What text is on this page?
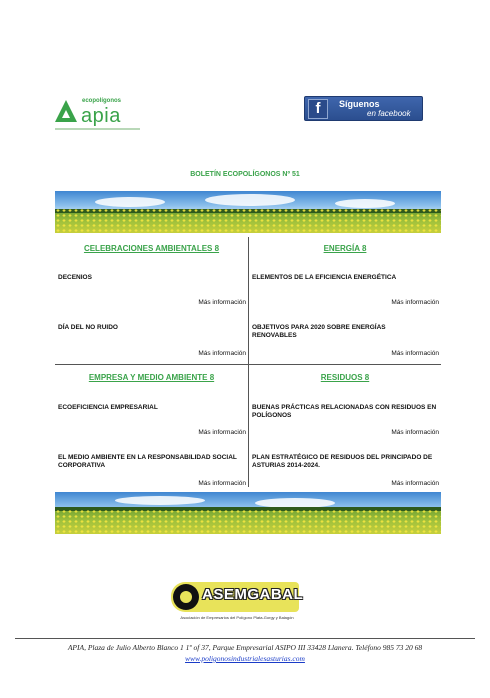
ecopolígonos
apia	f	Síguenos
en facebook
BOLETÍN ECOPOLÍGONOS Nº 51
CELEBRACIONES AMBIENTALES 8
DECENIOS
Más información
DÍA DEL NO RUIDO
Más información
ENERGÍA 8
ELEMENTOS DE LA EFICIENCIA ENERGÉTICA
Más información
OBJETIVOS PARA 2020 SOBRE ENERGÍAS RENOVABLES
Más información
EMPRESA Y MEDIO AMBIENTE 8
ECOEFICIENCIA EMPRESARIAL
Más información
EL MEDIO AMBIENTE EN LA RESPONSABILIDAD SOCIAL CORPORATIVA
Más información
RESIDUOS 8
BUENAS PRÁCTICAS RELACIONADAS CON RESIDUOS EN POLÍGONOS
Más información
PLAN ESTRATÉGICO DE RESIDUOS DEL PRINCIPADO DE ASTURIAS 2014-2024.
Más información
ASEMGABAL
Asociación de Empresarios del Polígono Plata-Gorgy y Balagón
APIA, Plaza de Julio Alberto Blanco 1 1º of 37, Parque Empresarial ASIPO III 33428 Llanera. Teléfono 985 73 20 68
www.poligonosindustrialesasturias.com
